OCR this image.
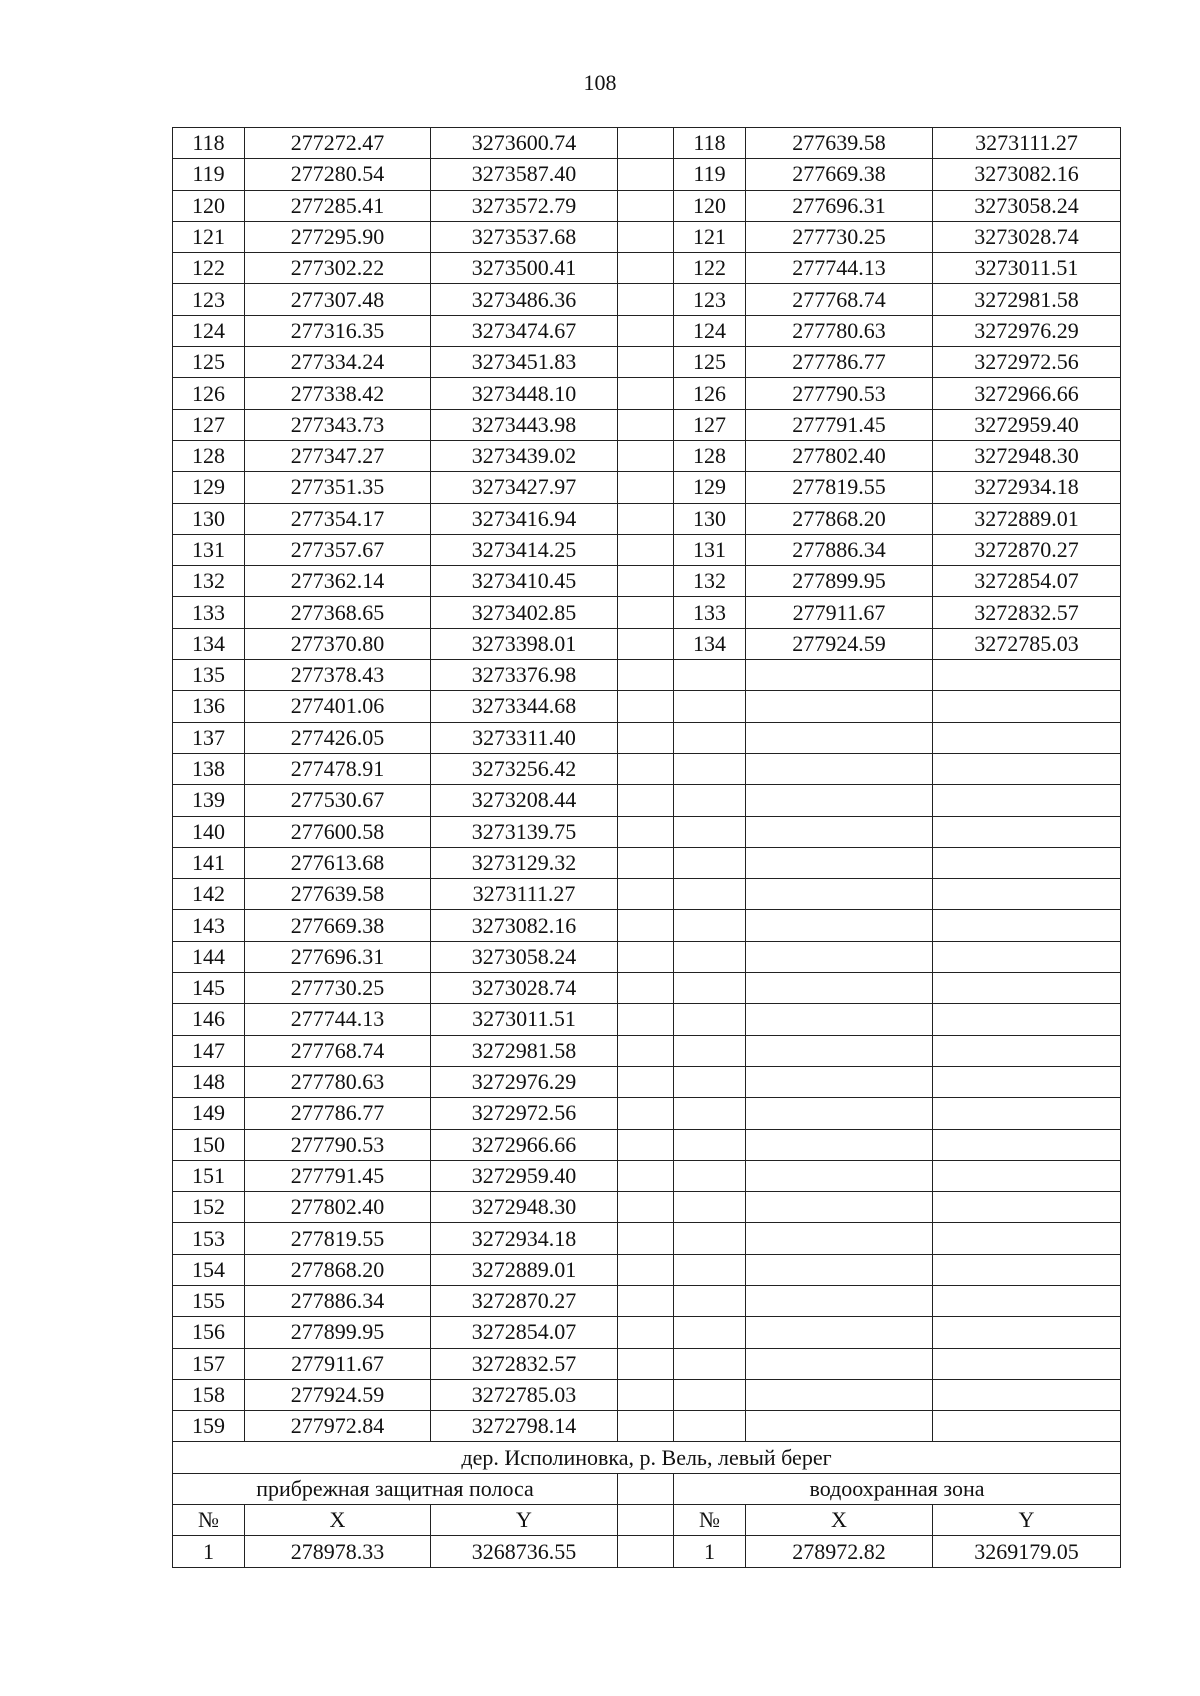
108
118	277272.47	3273600.74		118	277639.58	3273111.27
119	277280.54	3273587.40		119	277669.38	3273082.16
120	277285.41	3273572.79		120	277696.31	3273058.24
121	277295.90	3273537.68		121	277730.25	3273028.74
122	277302.22	3273500.41		122	277744.13	3273011.51
123	277307.48	3273486.36		123	277768.74	3272981.58
124	277316.35	3273474.67		124	277780.63	3272976.29
125	277334.24	3273451.83		125	277786.77	3272972.56
126	277338.42	3273448.10		126	277790.53	3272966.66
127	277343.73	3273443.98		127	277791.45	3272959.40
128	277347.27	3273439.02		128	277802.40	3272948.30
129	277351.35	3273427.97		129	277819.55	3272934.18
130	277354.17	3273416.94		130	277868.20	3272889.01
131	277357.67	3273414.25		131	277886.34	3272870.27
132	277362.14	3273410.45		132	277899.95	3272854.07
133	277368.65	3273402.85		133	277911.67	3272832.57
134	277370.80	3273398.01		134	277924.59	3272785.03
135	277378.43	3273376.98				
136	277401.06	3273344.68				
137	277426.05	3273311.40				
138	277478.91	3273256.42				
139	277530.67	3273208.44				
140	277600.58	3273139.75				
141	277613.68	3273129.32				
142	277639.58	3273111.27				
143	277669.38	3273082.16				
144	277696.31	3273058.24				
145	277730.25	3273028.74				
146	277744.13	3273011.51				
147	277768.74	3272981.58				
148	277780.63	3272976.29				
149	277786.77	3272972.56				
150	277790.53	3272966.66				
151	277791.45	3272959.40				
152	277802.40	3272948.30				
153	277819.55	3272934.18				
154	277868.20	3272889.01				
155	277886.34	3272870.27				
156	277899.95	3272854.07				
157	277911.67	3272832.57				
158	277924.59	3272785.03				
159	277972.84	3272798.14				
дер. Исполиновка, р. Вель, левый берег						
прибрежная защитная полоса				водоохранная зона		
№	X	Y		№	X	Y
1	278978.33	3268736.55		1	278972.82	3269179.05
